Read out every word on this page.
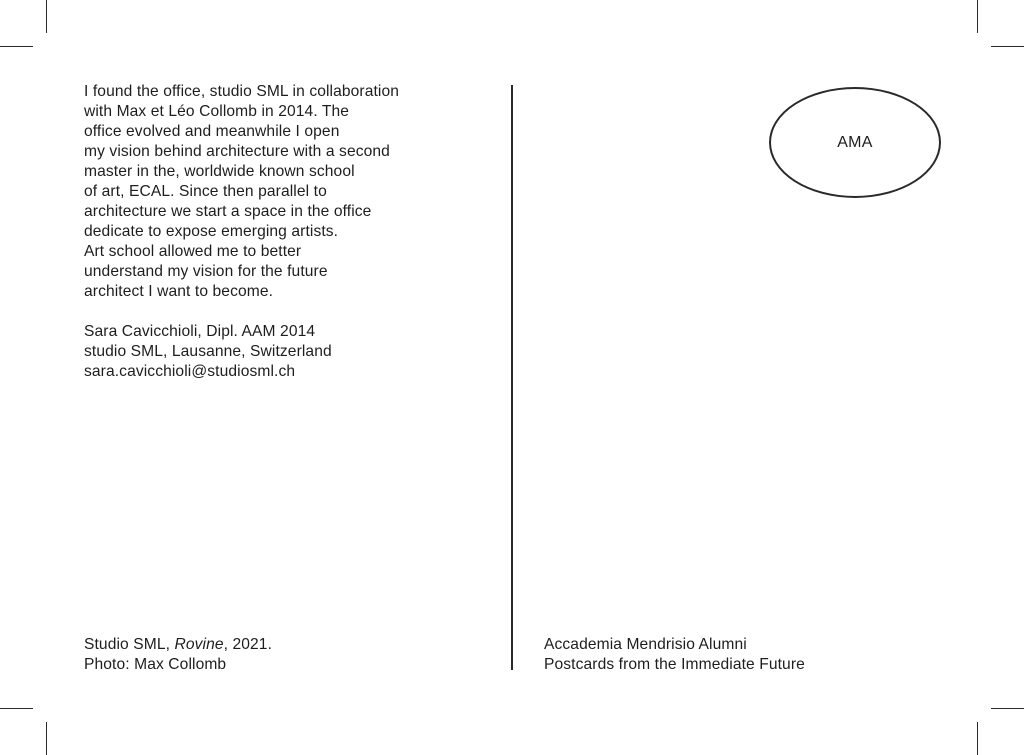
I found the office, studio SML in collaboration
with Max et Léo Collomb in 2014. The
office evolved and meanwhile I open
my vision behind architecture with a second
master in the, worldwide known school
of art, ECAL. Since then parallel to
architecture we start a space in the office
dedicate to expose emerging artists.
Art school allowed me to better
understand my vision for the future
architect I want to become.
Sara Cavicchioli, Dipl. AAM 2014
studio SML, Lausanne, Switzerland
sara.cavicchioli@studiosml.ch
Studio SML, Rovine, 2021.
Photo: Max Collomb
AMA
Accademia Mendrisio Alumni
Postcards from the Immediate Future
